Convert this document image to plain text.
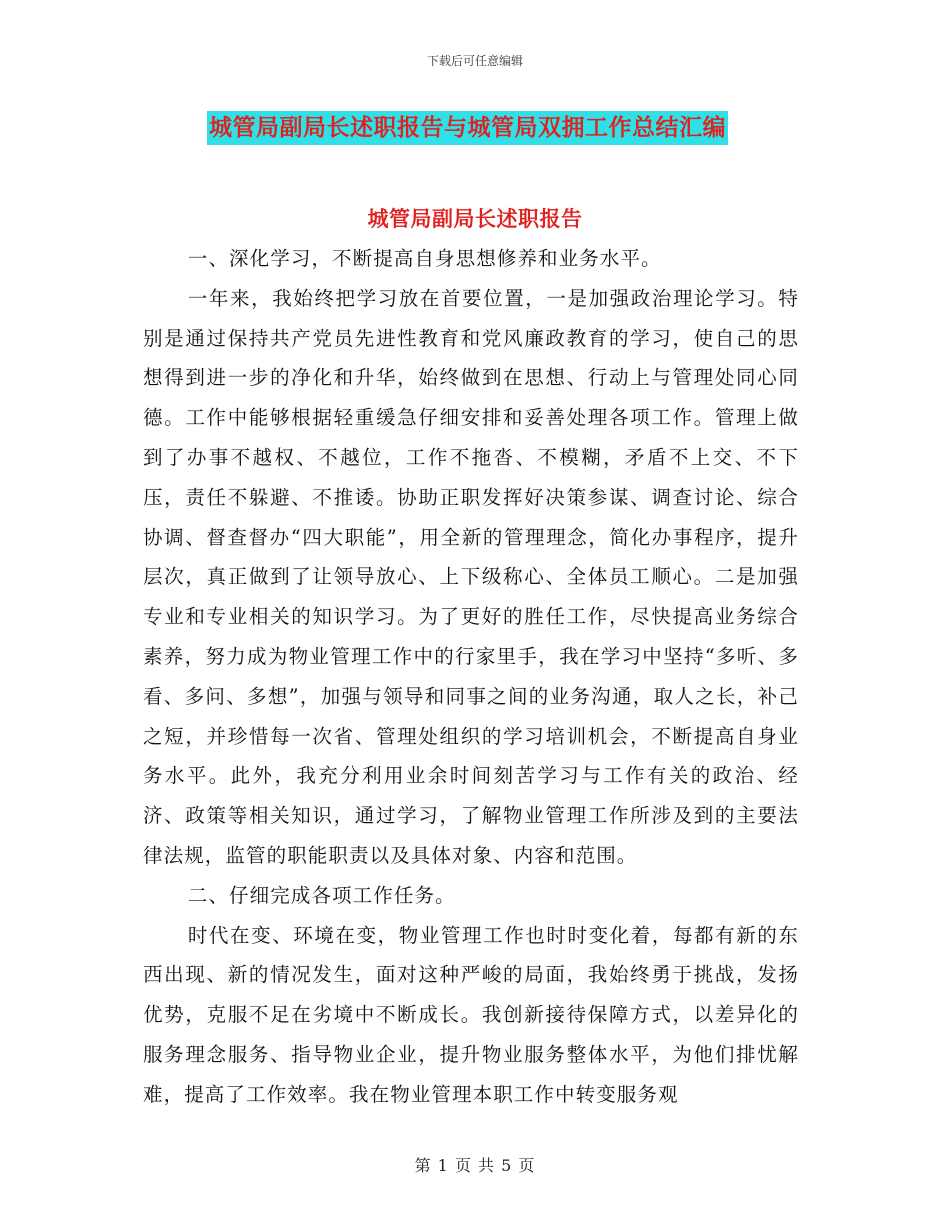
下载后可任意编辑
城管局副局长述职报告与城管局双拥工作总结汇编
城管局副局长述职报告

一、深化学习，不断提高自身思想修养和业务水平。

一年来，我始终把学习放在首要位置，一是加强政治理论学习。特别是通过保持共产党员先进性教育和党风廉政教育的学习，使自己的思想得到进一步的净化和升华，始终做到在思想、行动上与管理处同心同德。工作中能够根据轻重缓急仔细安排和妥善处理各项工作。管理上做到了办事不越权、不越位，工作不拖沓、不模糊，矛盾不上交、不下压，责任不躲避、不推诿。协助正职发挥好决策参谋、调查讨论、综合协调、督查督办“四大职能”，用全新的管理理念，简化办事程序，提升层次，真正做到了让领导放心、上下级称心、全体员工顺心。二是加强专业和专业相关的知识学习。为了更好的胜任工作，尽快提高业务综合素养，努力成为物业管理工作中的行家里手，我在学习中坚持“多听、多看、多问、多想”，加强与领导和同事之间的业务沟通，取人之长，补己之短，并珍惜每一次省、管理处组织的学习培训机会，不断提高自身业务水平。此外，我充分利用业余时间刻苦学习与工作有关的政治、经济、政策等相关知识，通过学习，了解物业管理工作所涉及到的主要法律法规，监管的职能职责以及具体对象、内容和范围。

二、仔细完成各项工作任务。

时代在变、环境在变，物业管理工作也时时变化着，每都有新的东西出现、新的情况发生，面对这种严峻的局面，我始终勇于挑战，发扬优势，克服不足在劣境中不断成长。我创新接待保障方式，以差异化的服务理念服务、指导物业企业，提升物业服务整体水平，为他们排忧解难，提高了工作效率。我在物业管理本职工作中转变服务观

第 1 页 共 5 页
